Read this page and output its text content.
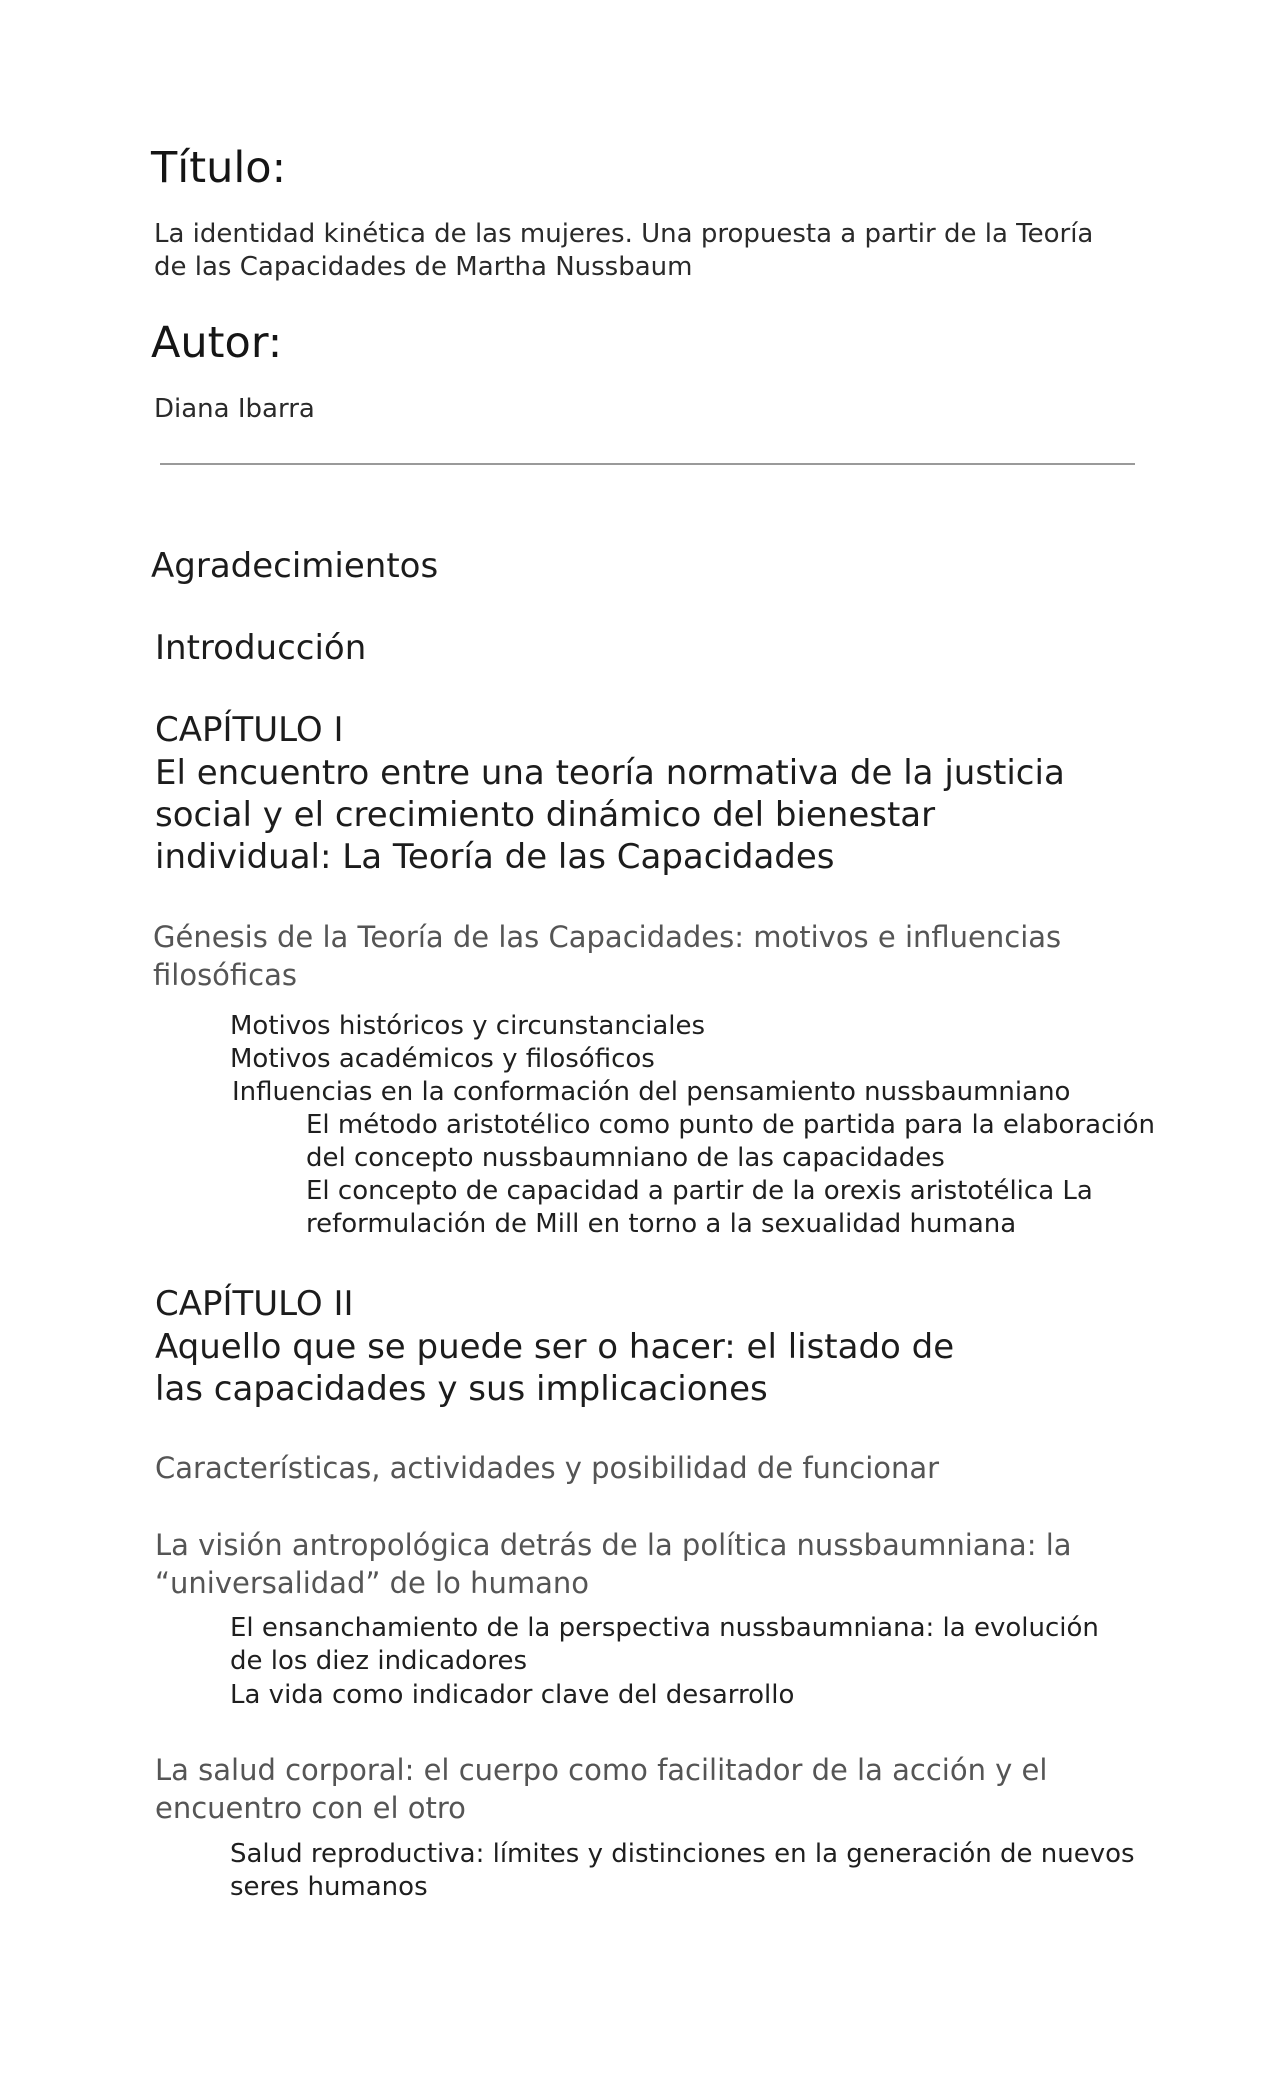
Título:

La identidad kinética de las mujeres. Una propuesta a partir de la Teoría de las Capacidades de Martha Nussbaum

Autor:

Diana Ibarra

Agradecimientos

Introducción

CAPÍTULO I

El encuentro entre una teoría normativa de la justicia social y el crecimiento dinámico del bienestar individual: La Teoría de las Capacidades

Génesis de la Teoría de las Capacidades: motivos e influencias filosóficas

Motivos históricos y circunstanciales

Motivos académicos y filosóficos

Influencias en la conformación del pensamiento nussbaumniano

El método aristotélico como punto de partida para la elaboración del concepto nussbaumniano de las capacidades

El concepto de capacidad a partir de la orexis aristotélica La reformulación de Mill en torno a la sexualidad humana

CAPÍTULO II

Aquello que se puede ser o hacer: el listado de las capacidades y sus implicaciones

Características, actividades y posibilidad de funcionar

La visión antropológica detrás de la política nussbaumniana: la “universalidad” de lo humano

El ensanchamiento de la perspectiva nussbaumniana: la evolución de los diez indicadores

La vida como indicador clave del desarrollo

La salud corporal: el cuerpo como facilitador de la acción y el encuentro con el otro

Salud reproductiva: límites y distinciones en la generación de nuevos seres humanos
